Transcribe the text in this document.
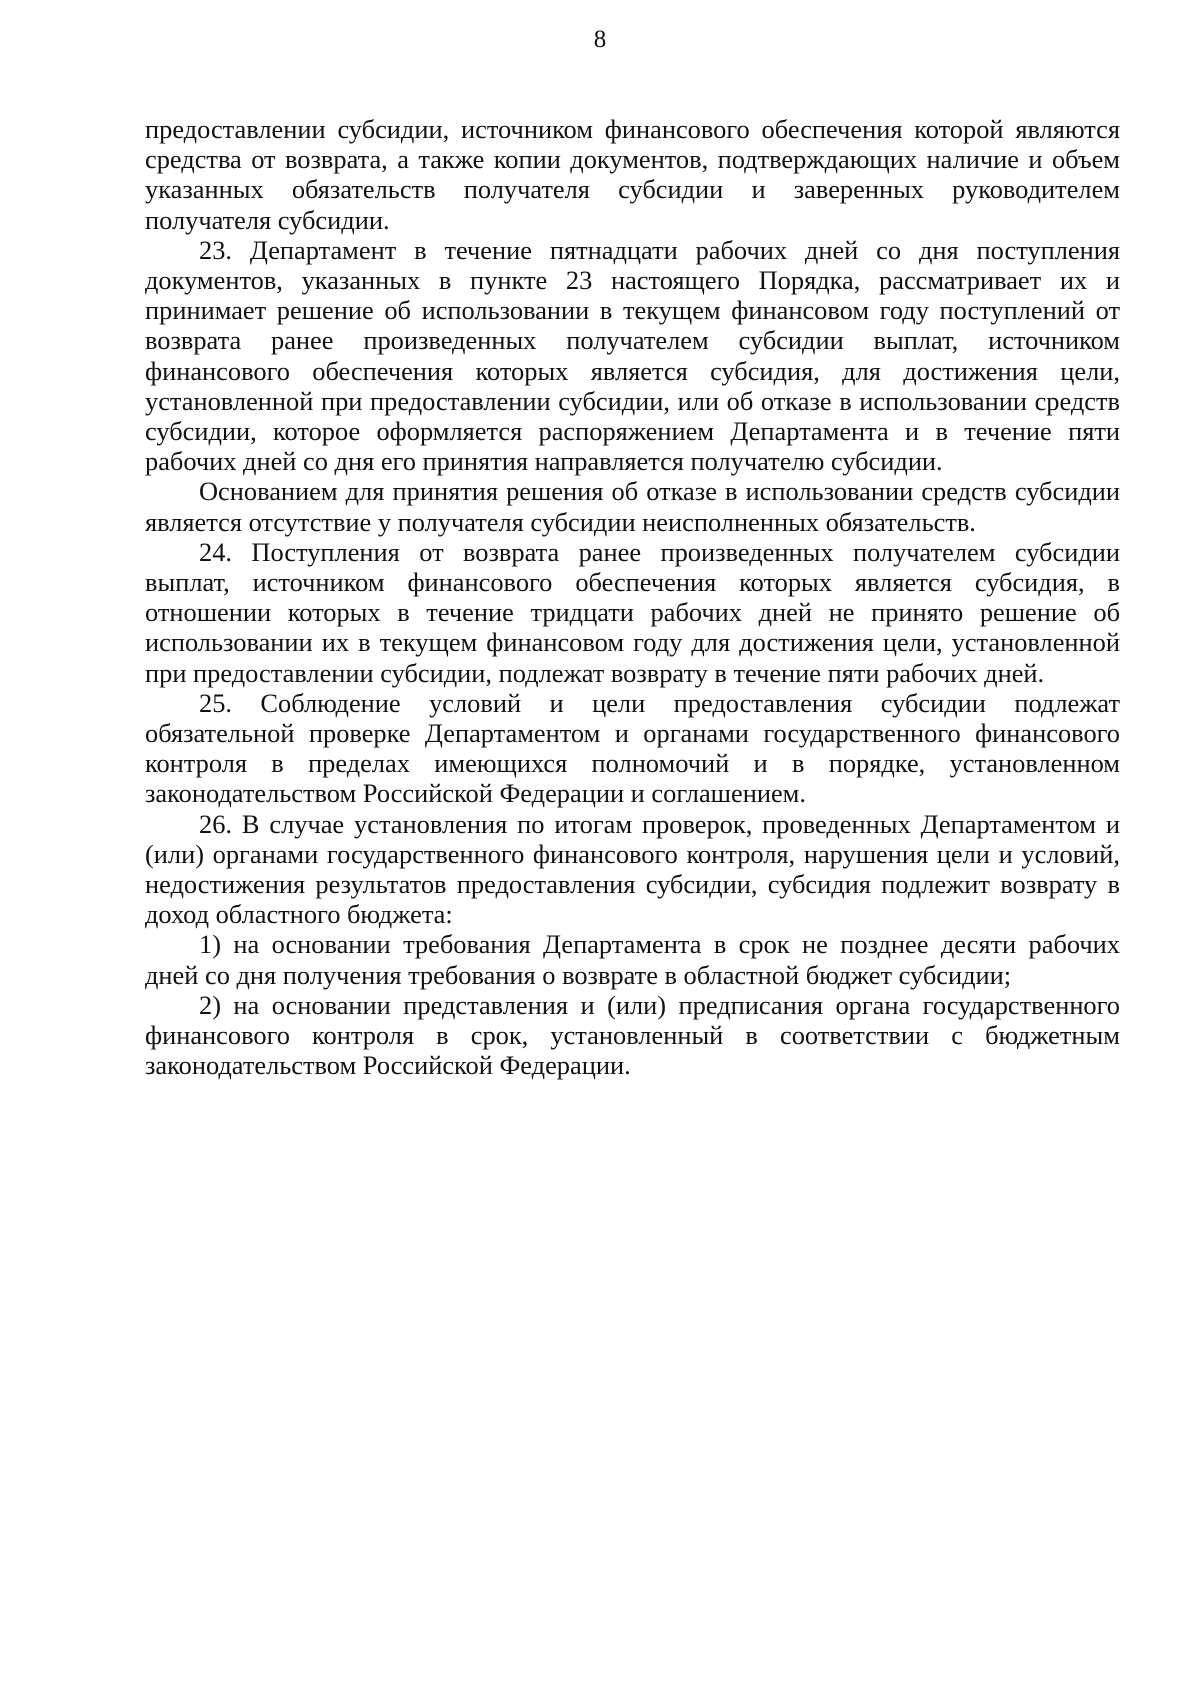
8

предоставлении субсидии, источником финансового обеспечения которой являются средства от возврата, а также копии документов, подтверждающих наличие и объем указанных обязательств получателя субсидии и заверенных руководителем получателя субсидии.

23. Департамент в течение пятнадцати рабочих дней со дня поступления документов, указанных в пункте 23 настоящего Порядка, рассматривает их и принимает решение об использовании в текущем финансовом году поступлений от возврата ранее произведенных получателем субсидии выплат, источником финансового обеспечения которых является субсидия, для достижения цели, установленной при предоставлении субсидии, или об отказе в использовании средств субсидии, которое оформляется распоряжением Департамента и в течение пяти рабочих дней со дня его принятия направляется получателю субсидии.

Основанием для принятия решения об отказе в использовании средств субсидии является отсутствие у получателя субсидии неисполненных обязательств.

24. Поступления от возврата ранее произведенных получателем субсидии выплат, источником финансового обеспечения которых является субсидия, в отношении которых в течение тридцати рабочих дней не принято решение об использовании их в текущем финансовом году для достижения цели, установленной при предоставлении субсидии, подлежат возврату в течение пяти рабочих дней.

25. Соблюдение условий и цели предоставления субсидии подлежат обязательной проверке Департаментом и органами государственного финансового контроля в пределах имеющихся полномочий и в порядке, установленном законодательством Российской Федерации и соглашением.

26. В случае установления по итогам проверок, проведенных Департаментом и (или) органами государственного финансового контроля, нарушения цели и условий, недостижения результатов предоставления субсидии, субсидия подлежит возврату в доход областного бюджета:

1) на основании требования Департамента в срок не позднее десяти рабочих дней со дня получения требования о возврате в областной бюджет субсидии;

2) на основании представления и (или) предписания органа государственного финансового контроля в срок, установленный в соответствии с бюджетным законодательством Российской Федерации.
